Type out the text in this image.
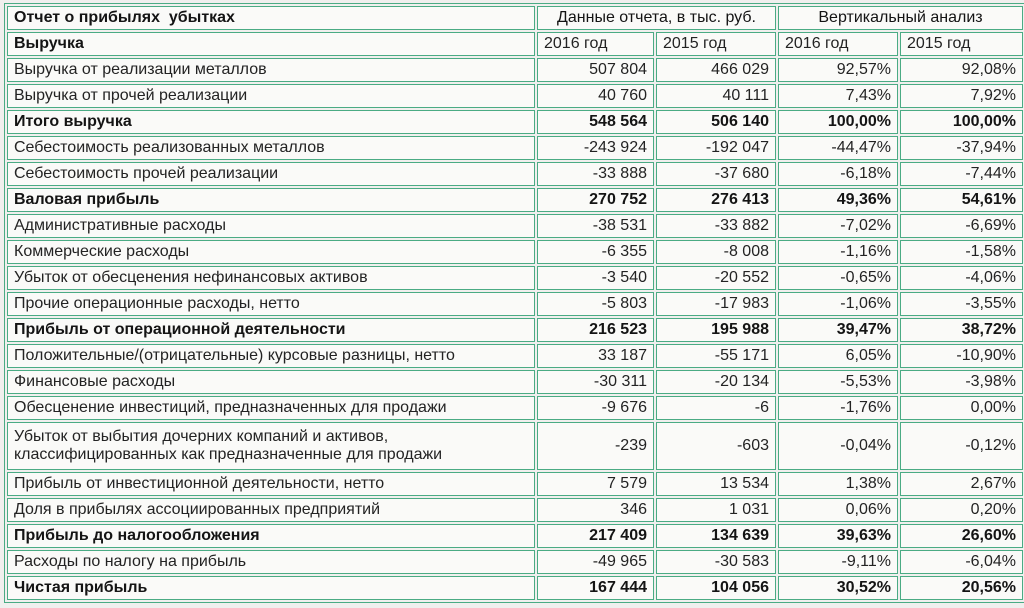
Отчет о прибылях  убытках	Данные отчета, в тыс. руб.		Вертикальный анализ	
Выручка	2016 год	2015 год	2016 год	2015 год
Выручка от реализации металлов	507 804	466 029	92,57%	92,08%
Выручка от прочей реализации	40 760	40 111	7,43%	7,92%
Итого выручка	548 564	506 140	100,00%	100,00%
Себестоимость реализованных металлов	-243 924	-192 047	-44,47%	-37,94%
Себестоимость прочей реализации	-33 888	-37 680	-6,18%	-7,44%
Валовая прибыль	270 752	276 413	49,36%	54,61%
Административные расходы	-38 531	-33 882	-7,02%	-6,69%
Коммерческие расходы	-6 355	-8 008	-1,16%	-1,58%
Убыток от обесценения нефинансовых активов	-3 540	-20 552	-0,65%	-4,06%
Прочие операционные расходы, нетто	-5 803	-17 983	-1,06%	-3,55%
Прибыль от операционной деятельности	216 523	195 988	39,47%	38,72%
Положительные/(отрицательные) курсовые разницы, нетто	33 187	-55 171	6,05%	-10,90%
Финансовые расходы	-30 311	-20 134	-5,53%	-3,98%
Обесценение инвестиций, предназначенных для продажи	-9 676	-6	-1,76%	0,00%
Убыток от выбытия дочерних компаний и активов,
классифицированных как предназначенные для продажи	-239	-603	-0,04%	-0,12%
Прибыль от инвестиционной деятельности, нетто	7 579	13 534	1,38%	2,67%
Доля в прибылях ассоциированных предприятий	346	1 031	0,06%	0,20%
Прибыль до налогообложения	217 409	134 639	39,63%	26,60%
Расходы по налогу на прибыль	-49 965	-30 583	-9,11%	-6,04%
Чистая прибыль	167 444	104 056	30,52%	20,56%
